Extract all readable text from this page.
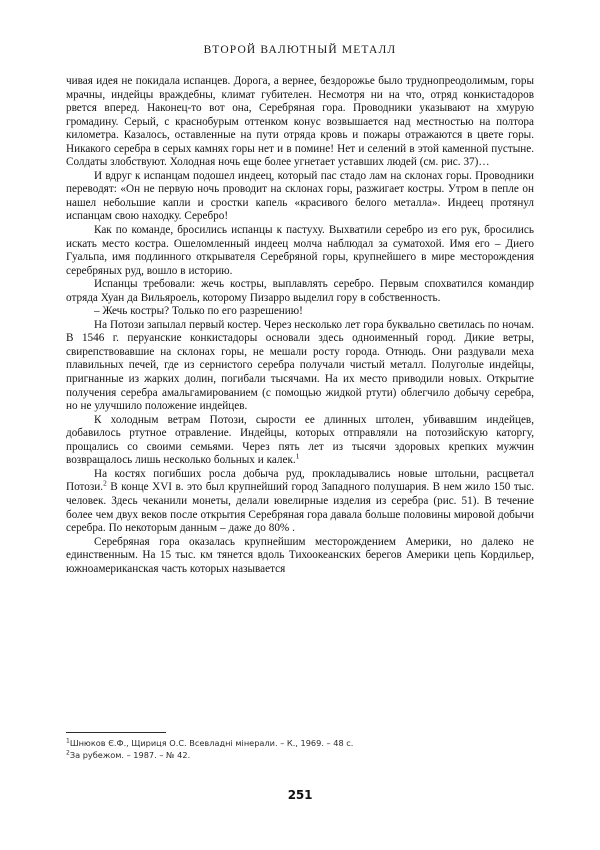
ВТОРОЙ ВАЛЮТНЫЙ МЕТАЛЛ

чивая идея не покидала испанцев. Дорога, а вернее, бездорожье было труднопреодолимым, горы мрачны, индейцы враждебны, климат губителен. Несмотря ни на что, отряд конкистадоров рвется вперед. Наконец-то вот она, Серебряная гора. Проводники указывают на хмурую громадину. Серый, с краснобурым оттенком конус возвышается над местностью на полтора километра. Казалось, оставленные на пути отряда кровь и пожары отражаются в цвете горы. Никакого серебра в серых камнях горы нет и в помине! Нет и селений в этой каменной пустыне. Солдаты злобствуют. Холодная ночь еще более угнетает уставших людей (см. рис. 37)…

И вдруг к испанцам подошел индеец, который пас стадо лам на склонах горы. Проводники переводят: «Он не первую ночь проводит на склонах горы, разжигает костры. Утром в пепле он нашел небольшие капли и сростки капель «красивого белого металла». Индеец протянул испанцам свою находку. Серебро!

Как по команде, бросились испанцы к пастуху. Выхватили серебро из его рук, бросились искать место костра. Ошеломленный индеец молча наблюдал за суматохой. Имя его – Диего Гуальпа, имя подлинного открывателя Серебряной горы, крупнейшего в мире месторождения серебряных руд, вошло в историю.

Испанцы требовали: жечь костры, выплавлять серебро. Первым спохватился командир отряда Хуан да Вильяроель, которому Пизарро выделил гору в собственность.

– Жечь костры? Только по его разрешению!

На Потози запылал первый костер. Через несколько лет гора буквально светилась по ночам. В 1546 г. перуанские конкистадоры основали здесь одноименный город. Дикие ветры, свирепствовавшие на склонах горы, не мешали росту города. Отнюдь. Они раздували меха плавильных печей, где из сернистого серебра получали чистый металл. Полуголые индейцы, пригнанные из жарких долин, погибали тысячами. На их место приводили новых. Открытие получения серебра амальгамированием (с помощью жидкой ртути) облегчило добычу серебра, но не улучшило положение индейцев.

К холодным ветрам Потози, сырости ее длинных штолен, убивавшим индейцев, добавилось ртутное отравление. Индейцы, которых отправляли на потозийскую каторгу, прощались со своими семьями. Через пять лет из тысячи здоровых крепких мужчин возвращалось лишь несколько больных и калек.$^1$

На костях погибших росла добыча руд, прокладывались новые штольни, расцветал Потози.$^2$ В конце XVI в. это был крупнейший город Западного полушария. В нем жило 150 тыс. человек. Здесь чеканили монеты, делали ювелирные изделия из серебра (рис. 51). В течение более чем двух веков после открытия Серебряная гора давала больше половины мировой добычи серебра. По некоторым данным – даже до 80% .

Серебряная гора оказалась крупнейшим месторождением Америки, но далеко не единственным. На 15 тыс. км тянется вдоль Тихоокеанских берегов Америки цепь Кордильер, южноамериканская часть которых называется

$^1$Шнюков Є.Ф., Щириця О.С. Всевладні мінерали. – К., 1969. – 48 с.

$^2$За рубежом. – 1987. – № 42.

251
